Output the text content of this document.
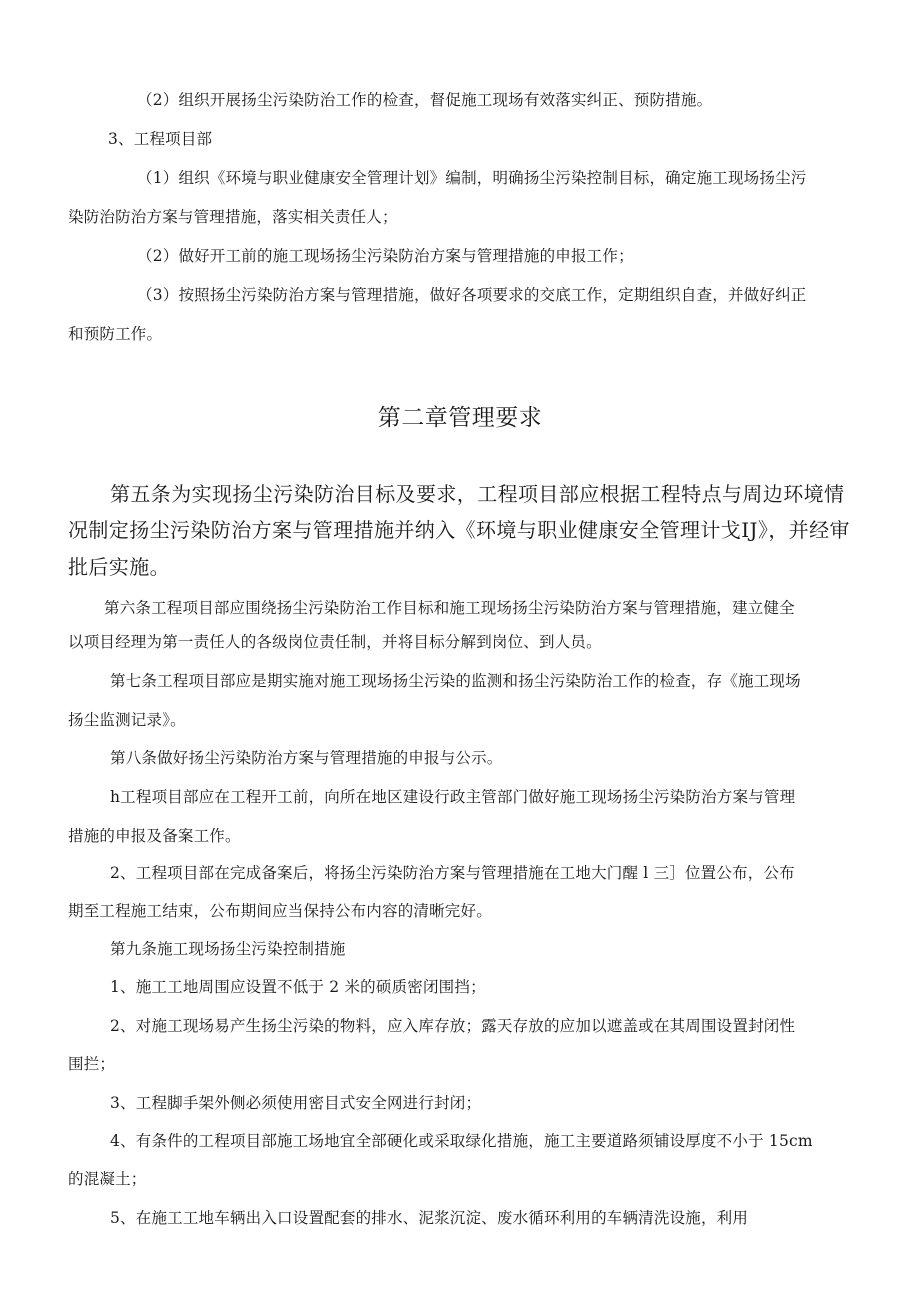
（2）组织开展扬尘污染防治工作的检查，督促施工现场有效落实纠正、预防措施。
3、工程项目部
（1）组织《环境与职业健康安全管理计划》编制，明确扬尘污染控制目标，确定施工现场扬尘污
染防治防治方案与管理措施，落实相关责任人；
（2）做好开工前的施工现场扬尘污染防治方案与管理措施的申报工作；
（3）按照扬尘污染防治方案与管理措施，做好各项要求的交底工作，定期组织自查，并做好纠正
和预防工作。
第二章管理要求
第五条为实现扬尘污染防治目标及要求，工程项目部应根据工程特点与周边环境情
况制定扬尘污染防治方案与管理措施并纳入《环境与职业健康安全管理计戈IJ》，并经审
批后实施。
第六条工程项目部应围绕扬尘污染防治工作目标和施工现场扬尘污染防治方案与管理措施，建立健全
以项目经理为第一责任人的各级岗位责任制，并将目标分解到岗位、到人员。
第七条工程项目部应是期实施对施工现场扬尘污染的监测和扬尘污染防治工作的检查，存《施工现场
扬尘监测记录》。
第八条做好扬尘污染防治方案与管理措施的申报与公示。
h工程项目部应在工程开工前，向所在地区建设行政主管部门做好施工现场扬尘污染防治方案与管理
措施的申报及备案工作。
2、工程项目部在完成备案后，将扬尘污染防治方案与管理措施在工地大门醒 l 三］位置公布，公布
期至工程施工结束，公布期间应当保持公布内容的清晰完好。
第九条施工现场扬尘污染控制措施
1、施工工地周围应设置不低于 2 米的硕质密闭围挡；
2、对施工现场易产生扬尘污染的物料，应入库存放；露天存放的应加以遮盖或在其周围设置封闭性
围拦；
3、工程脚手架外侧必须使用密目式安全网进行封闭；
4、有条件的工程项目部施工场地宜全部硬化或采取绿化措施，施工主要道路须铺设厚度不小于 15cm
的混凝土；
5、在施工工地车辆出入口设置配套的排水、泥浆沉淀、废水循环利用的车辆清洗设施，利用
